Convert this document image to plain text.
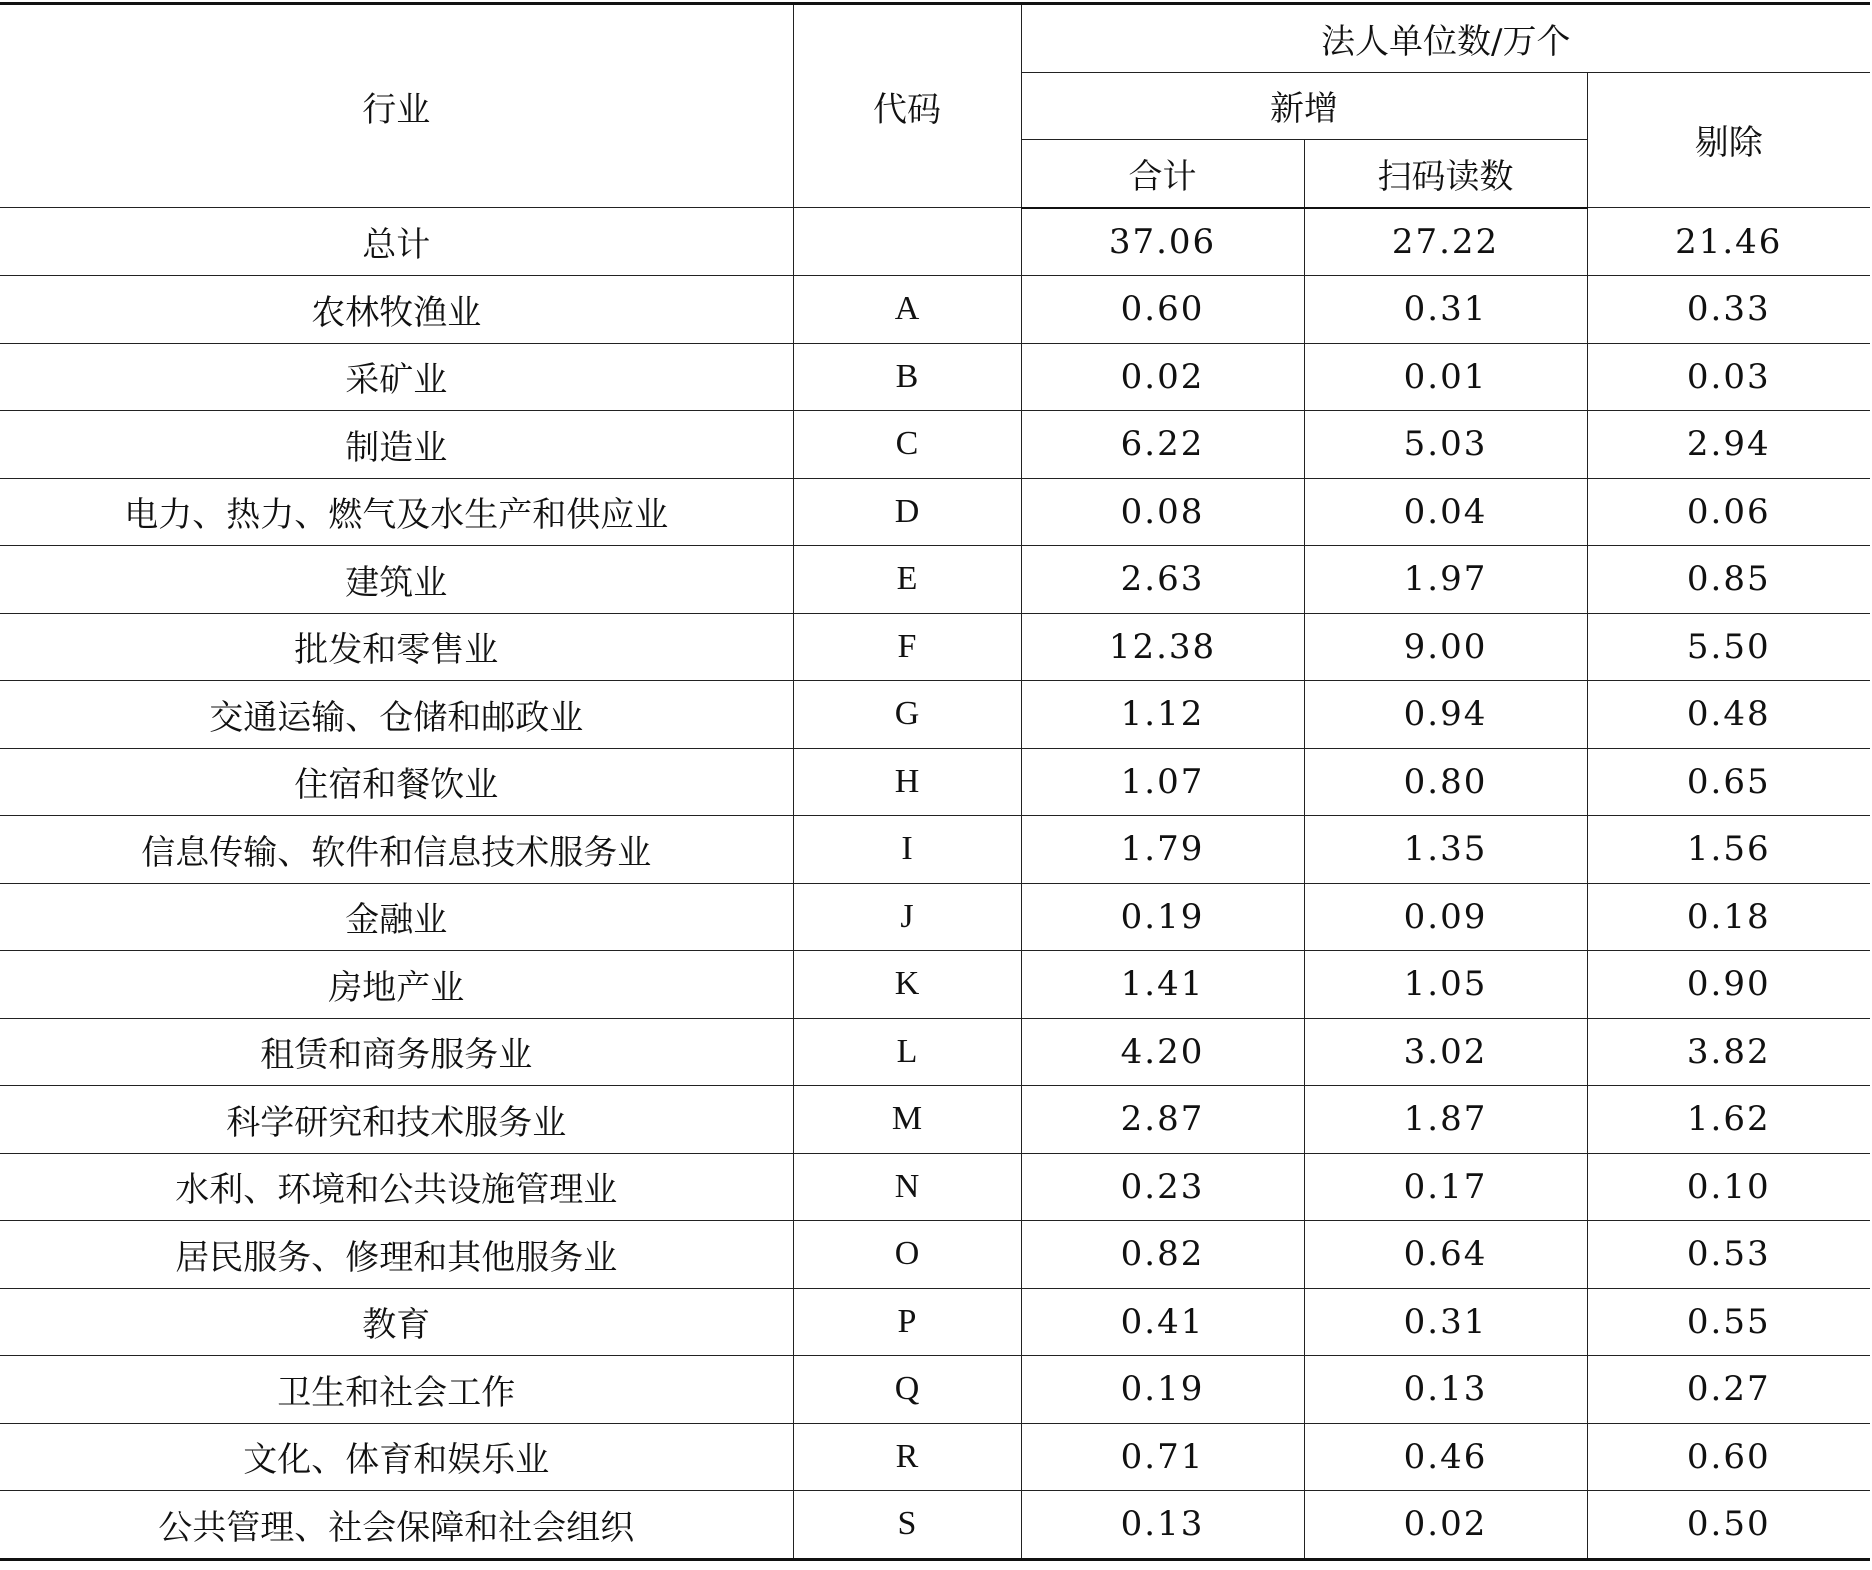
行业	代码	法人单位数/万个		
		新增		剔除
		合计	扫码读数	
总计		37.06	27.22	21.46
农林牧渔业	A	0.60	0.31	0.33
采矿业	B	0.02	0.01	0.03
制造业	C	6.22	5.03	2.94
电力、热力、燃气及水生产和供应业	D	0.08	0.04	0.06
建筑业	E	2.63	1.97	0.85
批发和零售业	F	12.38	9.00	5.50
交通运输、仓储和邮政业	G	1.12	0.94	0.48
住宿和餐饮业	H	1.07	0.80	0.65
信息传输、软件和信息技术服务业	I	1.79	1.35	1.56
金融业	J	0.19	0.09	0.18
房地产业	K	1.41	1.05	0.90
租赁和商务服务业	L	4.20	3.02	3.82
科学研究和技术服务业	M	2.87	1.87	1.62
水利、环境和公共设施管理业	N	0.23	0.17	0.10
居民服务、修理和其他服务业	O	0.82	0.64	0.53
教育	P	0.41	0.31	0.55
卫生和社会工作	Q	0.19	0.13	0.27
文化、体育和娱乐业	R	0.71	0.46	0.60
公共管理、社会保障和社会组织	S	0.13	0.02	0.50
